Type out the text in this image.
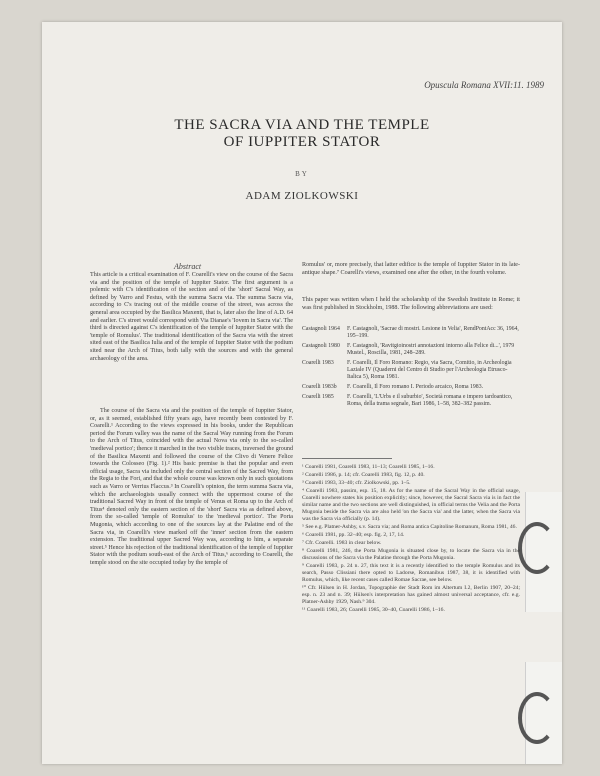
Opuscula Romana XVII:11. 1989
THE SACRA VIA AND THE TEMPLE
OF IUPPITER STATOR
BY
ADAM ZIOLKOWSKI
Abstract
This article is a critical examination of F. Coarelli's view on the course of the Sacra via and the position of the temple of Iuppiter Stator. The first argument is a polemic with C's identification of the section and of the 'short' Sacral Way, as defined by Varro and Festus, with the summa Sacra via. The summa Sacra via, according to C's tracing out of the middle course of the street, was across the general area occupied by the Basilica Maxenti, that is, later also the line of A.D. 64 and earlier. C's street would correspond with Via Dianae's 'Iovem in Sacra via'. The third is directed against C's identification of the temple of Iuppiter Stator with the 'temple of Romulus'. The traditional identification of the Sacra via with the street sited east of the Basilica Iulia and of the temple of Iuppiter Stator with the podium sited near the Arch of Titus, both tally with the sources and with the general archaeology of the area.

The course of the Sacra via and the position of the temple of Iuppiter Stator, or, as it seemed, established fifty years ago, have recently been contested by F. Coarelli.¹ According to the views expressed in his books, under the Republican period the Forum valley was the name of the Sacral Way running from the Forum to the Arch of Titus, coincided with the actual Nova via only to the so-called 'medieval portico'; thence it marched in the two visible traces, traversed the ground of the Basilica Maxenti and followed the course of the Clivo di Venere Felice towards the Colosseo (Fig. 1).² His basic premise is that the popular and even official usage, Sacra via included only the central section of the Sacred Way, from the Regia to the Fori, and that the whole course was known only in such quotations such as Varro or Verrius Flaccus.³ In Coarelli's opinion, the term summa Sacra via, which the archaeologists usually connect with the uppermost course of the traditional Sacred Way in front of the temple of Venus et Roma up to the Arch of Titus⁴ denoted only the eastern section of the 'short' Sacra via as defined above, from the so-called 'temple of Romulus' to the 'medieval portico'. The Porta Mugonia, which according to one of the sources lay at the Palatine end of the Sacra via, in Coarelli's view marked off the 'inner' section from the eastern extension. The traditional upper Sacred Way was, according to him, a separate street.⁵ Hence his rejection of the traditional identification of the temple of Iuppiter Stator with the podium south-east of the Arch of Titus,⁶ according to Coarelli, the temple stood on the site occupied today by the temple of

Romulus' or, more precisely, that latter edifice is the temple of Iuppiter Stator in its late-antique shape.⁷ Coarelli's views, examined one after the other, in the fourth volume.
This paper was written when I held the scholarship of the Swedish Institute in Rome; it was first published in Stockholm, 1988. The following abbreviations are used:
Castagnoli 1964	F. Castagnoli, 'Sacrae di mostri. Lesione in Velia', RendPontAcc 36, 1964, 195–199.
Castagnoli 1980	F. Castagnoli, 'Ravitgioinostri annotazioni intorno alla Felice di...', 1979 Mustel., Roscilla, 1981, 248–289.
Coarelli 1983	F. Coarelli, Il Foro Romano: Regio, via Sacra, Comitio, in Archeologia Laziale IV (Quaderni del Centro di Studio per l'Archeologia Etrusco-Italica 5), Roma 1981.
Coarelli 1983b	F. Coarelli, Il Foro romano I. Periodo arcaico, Roma 1983.
Coarelli 1985	F. Coarelli, 'L'Urbs e il suburbio', Società romana e impero tardoantico, Roma, della trama segnale, Bari 1986, 1–58, 382–382 passim.

¹ Coarelli 1981, Coarelli 1983, 11–13; Coarelli 1985, 1–16.

² Coarelli 1986, p. 14; cfr. Coarelli 1983, fig. 12, p. 40.

³ Coarelli 1983, 33–40; cfr. Ziolkowski, pp. 1–5.

⁴ Coarelli 1983, passim, esp. 15, 18. As for the name of the Sacral Way in the official usage, Coarelli nowhere states his position explicitly; since, however, the Sacral Sacra via is in fact the similar name and the two sections are well distinguished, in official terms the Velia and the Porta Mugonia beside the Sacra via are also held 'on the Sacra via' and the latter, when the Sacra via was the Sacra via officially (p. 14).

⁵ See e.g. Platner-Ashby, s.v. Sacra via; and Roma antica Capitoline Romanum, Roma 1981, 46.

⁶ Coarelli 1981, pp. 32–40; esp. fig. 2, 17, 14.

⁷ Cfr. Coarelli. 1983 in clear below.

⁸ Coarelli 1981, 246, the Porta Mugonia is situated close by, to locate the Sacra via in the discussions of the Sacra via the Palatine through the Porta Mugonia.

⁹ Coarelli 1983, p. 24 n. 27, this text it is a recently identified to the temple Romulus and its search, Passo Clissiani there opted to Ladorse, Romanibus 1987, 38, it is identified with Romulus, which, like recent cases called Romae Sacrae, see below.

¹⁰ Cfr. Hülsen in H. Jordan, Topographie der Stadt Rom im Altertum I.2, Berlin 1907, 20–24; esp. n. 23 and n. 39; Hülsen's interpretation has gained almost universal acceptance, cfr. e.g. Platner-Ashby 1929, Nash.⁹ 304.

¹¹ Coarelli 1983, 26; Coarelli 1985, 30–40, Coarelli 1986, 1–16.
